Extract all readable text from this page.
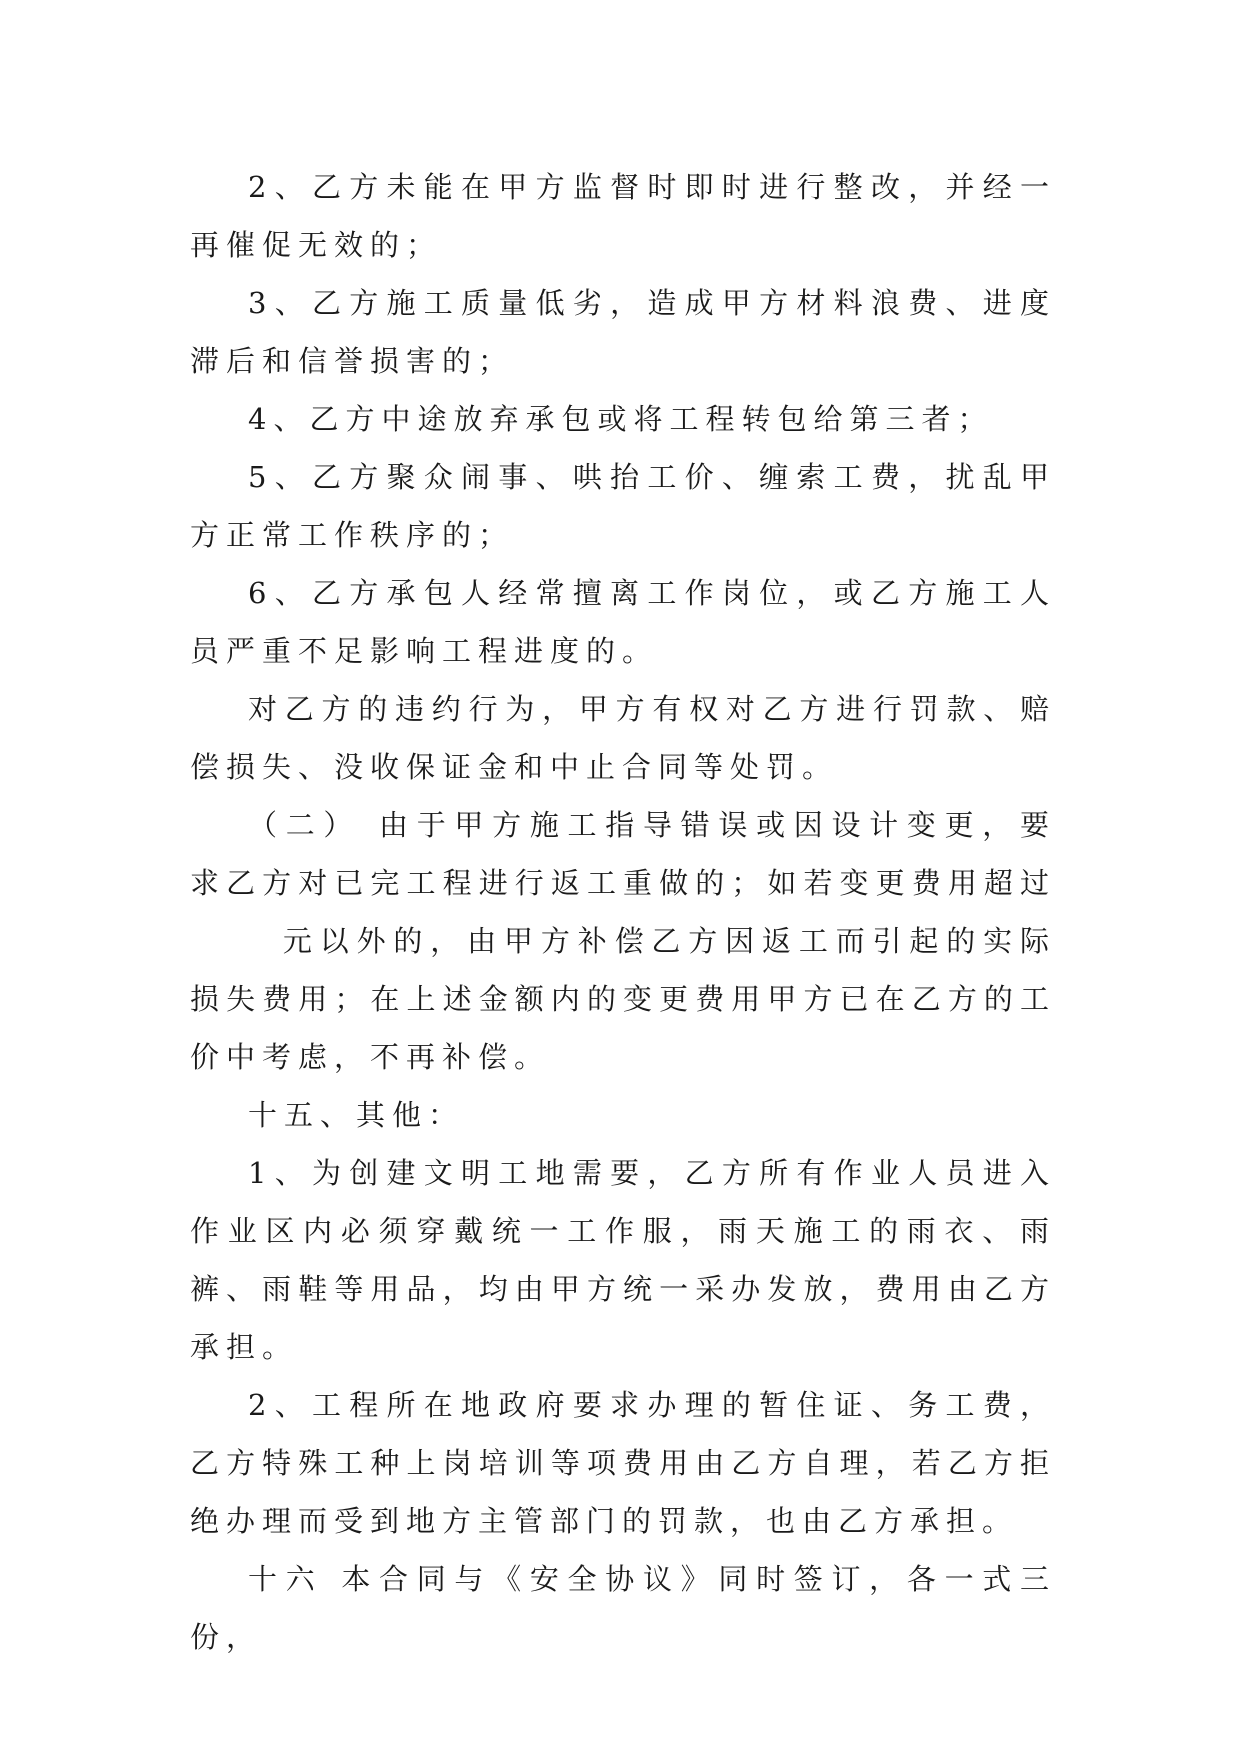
2、乙方未能在甲方监督时即时进行整改，并经一再催促无效的；

3、乙方施工质量低劣，造成甲方材料浪费、进度滞后和信誉损害的；

4、乙方中途放弃承包或将工程转包给第三者；

5、乙方聚众闹事、哄抬工价、缠索工费，扰乱甲方正常工作秩序的；

6、乙方承包人经常擅离工作岗位，或乙方施工人员严重不足影响工程进度的。

对乙方的违约行为，甲方有权对乙方进行罚款、赔偿损失、没收保证金和中止合同等处罚。

（二） 由于甲方施工指导错误或因设计变更，要求乙方对已完工程进行返工重做的；如若变更费用超过元以外的，由甲方补偿乙方因返工而引起的实际损失费用；在上述金额内的变更费用甲方已在乙方的工价中考虑，不再补偿。

十五、其他：

1、为创建文明工地需要，乙方所有作业人员进入作业区内必须穿戴统一工作服，雨天施工的雨衣、雨裤、雨鞋等用品，均由甲方统一采办发放，费用由乙方承担。

2、工程所在地政府要求办理的暂住证、务工费，乙方特殊工种上岗培训等项费用由乙方自理，若乙方拒绝办理而受到地方主管部门的罚款，也由乙方承担。

十六 本合同与《安全协议》同时签订，各一式三份，
